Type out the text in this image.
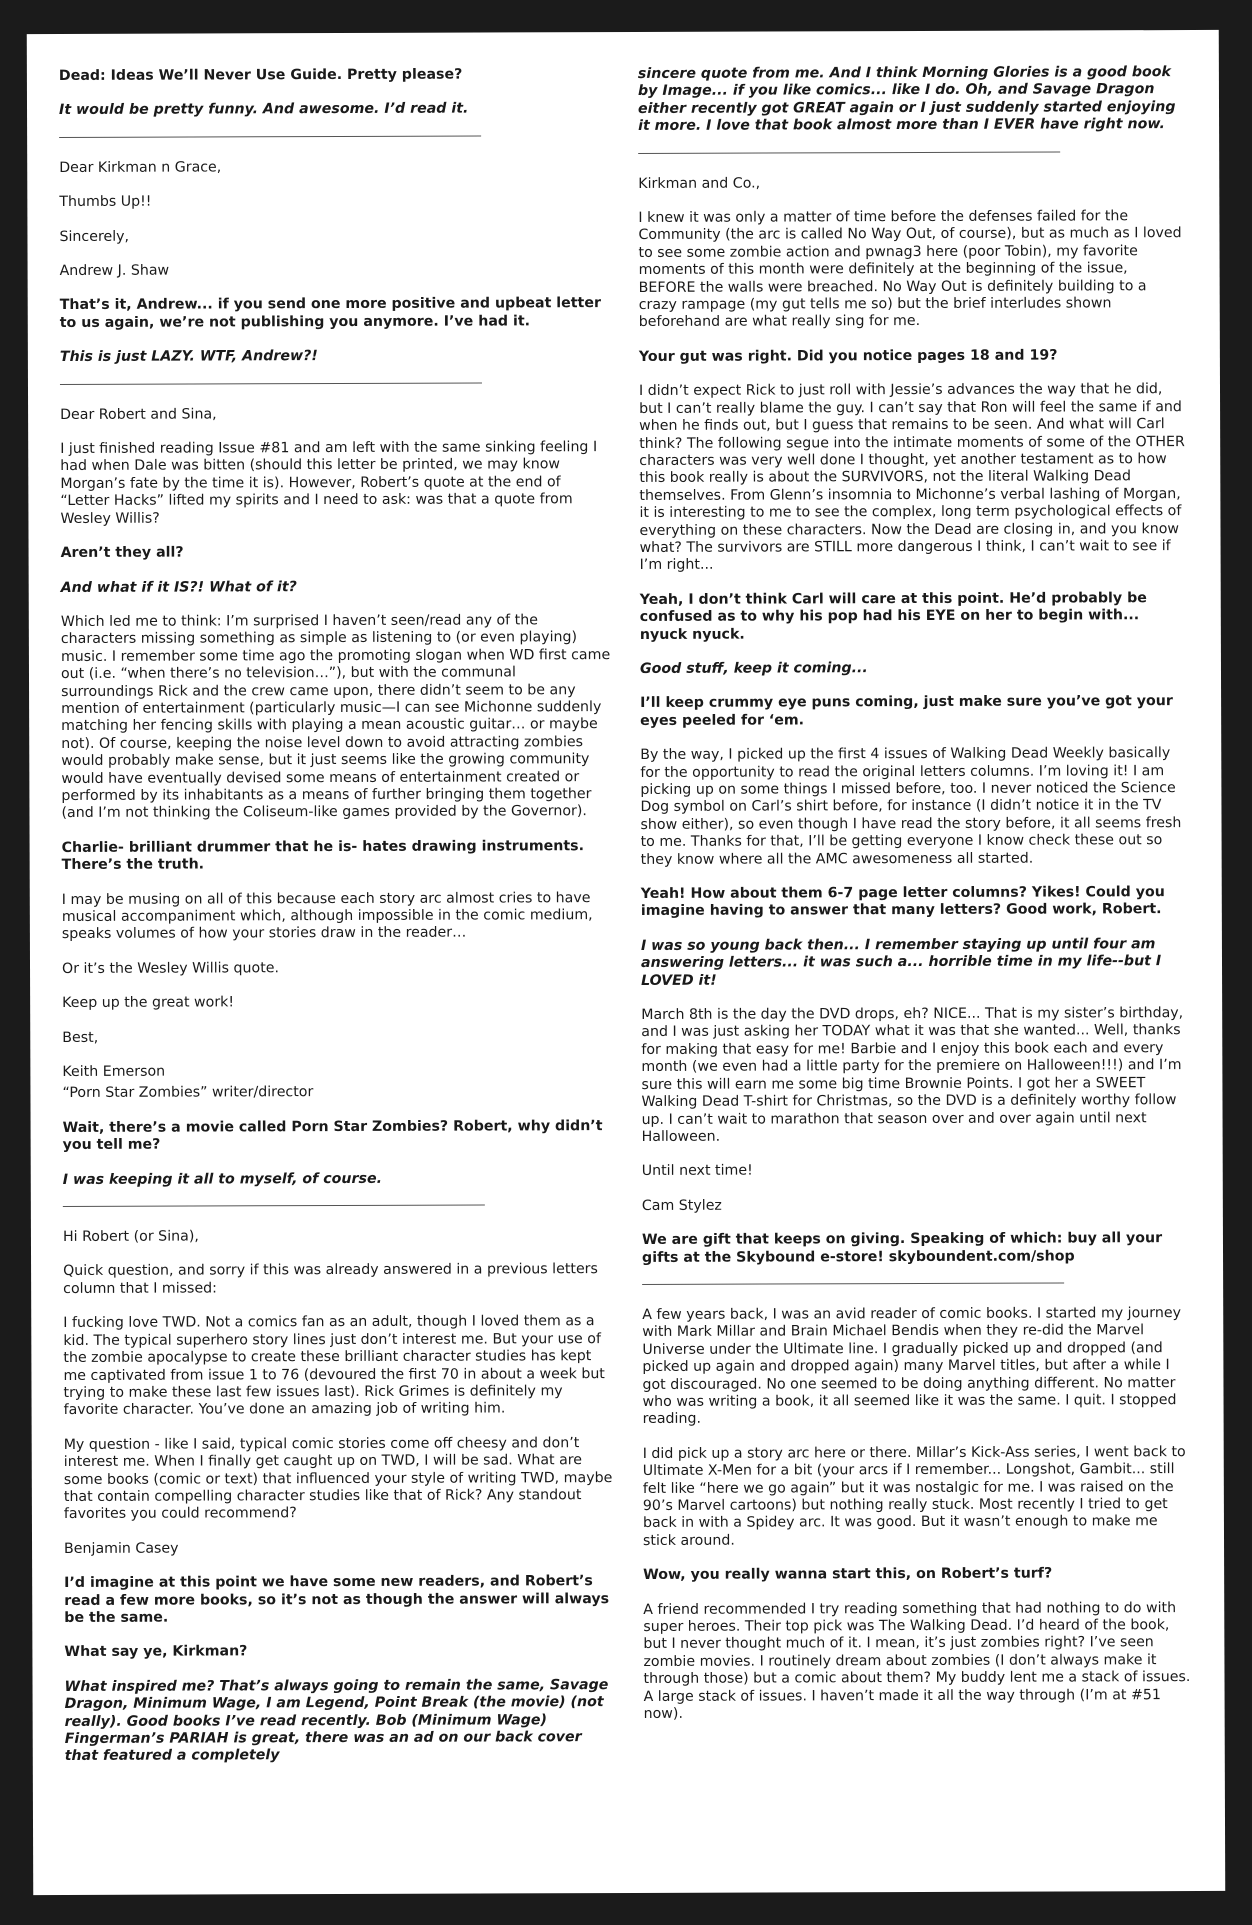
Dead: Ideas We’ll Never Use Guide. Pretty please?

It would be pretty funny. And awesome. I’d read it.

Dear Kirkman n Grace,

Thumbs Up!!

Sincerely,

Andrew J. Shaw

That’s it, Andrew... if you send one more positive and upbeat letter to us again, we’re not publishing you anymore. I’ve had it.

This is just LAZY. WTF, Andrew?!

Dear Robert and Sina,

I just finished reading Issue #81 and am left with the same sinking feeling I had when Dale was bitten (should this letter be printed, we may know Morgan’s fate by the time it is). However, Robert’s quote at the end of “Letter Hacks” lifted my spirits and I need to ask: was that a quote from Wesley Willis?

Aren’t they all?

And what if it IS?! What of it?

Which led me to think: I’m surprised I haven’t seen/read any of the characters missing something as simple as listening to (or even playing) music. I remember some time ago the promoting slogan when WD first came out (i.e. “when there’s no television…”), but with the communal surroundings Rick and the crew came upon, there didn’t seem to be any mention of entertainment (particularly music—I can see Michonne suddenly matching her fencing skills with playing a mean acoustic guitar… or maybe not). Of course, keeping the noise level down to avoid attracting zombies would probably make sense, but it just seems like the growing community would have eventually devised some means of entertainment created or performed by its inhabitants as a means of further bringing them together (and I’m not thinking the Coliseum-like games provided by the Governor).

Charlie- brilliant drummer that he is- hates drawing instruments. There’s the truth.

I may be musing on all of this because each story arc almost cries to have musical accompaniment which, although impossible in the comic medium, speaks volumes of how your stories draw in the reader…

Or it’s the Wesley Willis quote.

Keep up the great work!

Best,

Keith Emerson

“Porn Star Zombies” writer/director

Wait, there’s a movie called Porn Star Zombies? Robert, why didn’t you tell me?

I was keeping it all to myself, of course.

Hi Robert (or Sina),

Quick question, and sorry if this was already answered in a previous letters column that I missed:

I fucking love TWD. Not a comics fan as an adult, though I loved them as a kid. The typical superhero story lines just don’t interest me. But your use of the zombie apocalypse to create these brilliant character studies has kept me captivated from issue 1 to 76 (devoured the first 70 in about a week but trying to make these last few issues last). Rick Grimes is definitely my favorite character. You’ve done an amazing job of writing him.

My question - like I said, typical comic stories come off cheesy and don’t interest me. When I finally get caught up on TWD, I will be sad. What are some books (comic or text) that influenced your style of writing TWD, maybe that contain compelling character studies like that of Rick? Any standout favorites you could recommend?

Benjamin Casey

I’d imagine at this point we have some new readers, and Robert’s read a few more books, so it’s not as though the answer will always be the same.

What say ye, Kirkman?

What inspired me? That’s always going to remain the same, Savage Dragon, Minimum Wage, I am Legend, Point Break (the movie) (not really). Good books I’ve read recently. Bob (Minimum Wage) Fingerman’s PARIAH is great, there was an ad on our back cover that featured a completely

sincere quote from me. And I think Morning Glories is a good book by Image... if you like comics... like I do. Oh, and Savage Dragon either recently got GREAT again or I just suddenly started enjoying it more. I love that book almost more than I EVER have right now.

Kirkman and Co.,

I knew it was only a matter of time before the defenses failed for the Community (the arc is called No Way Out, of course), but as much as I loved to see some zombie action and pwnag3 here (poor Tobin), my favorite moments of this month were definitely at the beginning of the issue, BEFORE the walls were breached. No Way Out is definitely building to a crazy rampage (my gut tells me so) but the brief interludes shown beforehand are what really sing for me.

Your gut was right. Did you notice pages 18 and 19?

I didn’t expect Rick to just roll with Jessie’s advances the way that he did, but I can’t really blame the guy. I can’t say that Ron will feel the same if and when he finds out, but I guess that remains to be seen. And what will Carl think? The following segue into the intimate moments of some of the OTHER characters was very well done I thought, yet another testament as to how this book really is about the SURVIVORS, not the literal Walking Dead themselves. From Glenn’s insomnia to Michonne’s verbal lashing of Morgan, it is interesting to me to see the complex, long term psychological effects of everything on these characters. Now the Dead are closing in, and you know what? The survivors are STILL more dangerous I think, I can’t wait to see if I’m right...

Yeah, I don’t think Carl will care at this point. He’d probably be confused as to why his pop had his EYE on her to begin with... nyuck nyuck.

Good stuff, keep it coming...

I’ll keep crummy eye puns coming, just make sure you’ve got your eyes peeled for ‘em.

By the way, I picked up the first 4 issues of Walking Dead Weekly basically for the opportunity to read the original letters columns. I’m loving it! I am picking up on some things I missed before, too. I never noticed the Science Dog symbol on Carl’s shirt before, for instance (I didn’t notice it in the TV show either), so even though I have read the story before, it all seems fresh to me. Thanks for that, I’ll be getting everyone I know check these out so they know where all the AMC awesomeness all started.

Yeah! How about them 6-7 page letter columns? Yikes! Could you imagine having to answer that many letters? Good work, Robert.

I was so young back then... I remember staying up until four am answering letters... it was such a... horrible time in my life--but I LOVED it!

March 8th is the day the DVD drops, eh? NICE... That is my sister’s birthday, and I was just asking her TODAY what it was that she wanted... Well, thanks for making that easy for me! Barbie and I enjoy this book each and every month (we even had a little party for the premiere on Halloween!!!) and I’m sure this will earn me some big time Brownie Points. I got her a SWEET Walking Dead T-shirt for Christmas, so the DVD is a definitely worthy follow up. I can’t wait to marathon that season over and over again until next Halloween.

Until next time!

Cam Stylez

We are gift that keeps on giving. Speaking of which: buy all your gifts at the Skybound e-store! skyboundent.com/shop

A few years back, I was an avid reader of comic books. I started my journey with Mark Millar and Brain Michael Bendis when they re-did the Marvel Universe under the Ultimate line. I gradually picked up and dropped (and picked up again and dropped again) many Marvel titles, but after a while I got discouraged. No one seemed to be doing anything different. No matter who was writing a book, it all seemed like it was the same. I quit. I stopped reading.

I did pick up a story arc here or there. Millar’s Kick-Ass series, I went back to Ultimate X-Men for a bit (your arcs if I remember... Longshot, Gambit... still felt like “here we go again” but it was nostalgic for me. I was raised on the 90’s Marvel cartoons) but nothing really stuck. Most recently I tried to get back in with a Spidey arc. It was good. But it wasn’t enough to make me stick around.

Wow, you really wanna start this, on Robert’s turf?

A friend recommended I try reading something that had nothing to do with super heroes. Their top pick was The Walking Dead. I’d heard of the book, but I never thought much of it. I mean, it’s just zombies right? I’ve seen zombie movies. I routinely dream about zombies (I don’t always make it through those) but a comic about them? My buddy lent me a stack of issues. A large stack of issues. I haven’t made it all the way through (I’m at #51 now).
